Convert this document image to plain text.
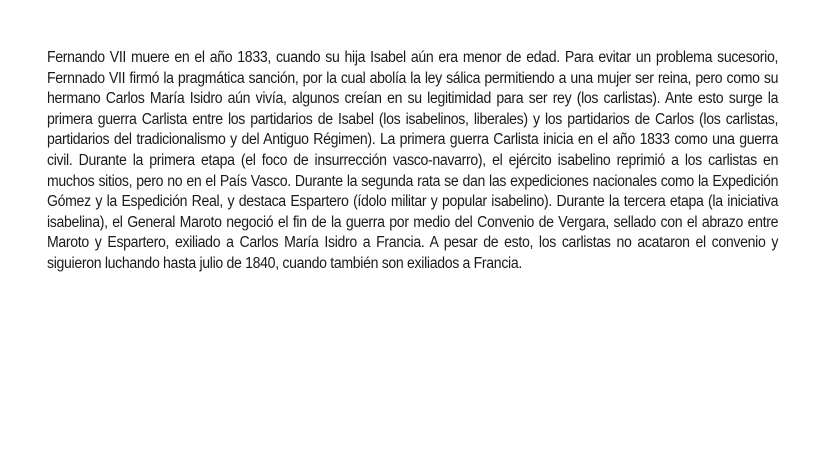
Fernando VII muere en el año 1833, cuando su hija Isabel aún era menor de edad. Para evitar un problema sucesorio, Fernnado VII firmó la pragmática sanción, por la cual abolía la ley sálica permitiendo a una mujer ser reina, pero como su hermano Carlos María Isidro aún vivía, algunos creían en su legitimidad para ser rey (los carlistas). Ante esto surge la primera guerra Carlista entre los partidarios de Isabel (los isabelinos, liberales) y los partidarios de Carlos (los carlistas, partidarios del tradicionalismo y del Antiguo Régimen). La primera guerra Carlista inicia en el año 1833 como una guerra civil. Durante la primera etapa (el foco de insurrección vasco-navarro), el ejército isabelino reprimió a los carlistas en muchos sitios, pero no en el País Vasco. Durante la segunda rata se dan las expediciones nacionales como la Expedición Gómez y la Espedición Real, y destaca Espartero (ídolo militar y popular isabelino). Durante la tercera etapa (la iniciativa isabelina), el General Maroto negoció el fin de la guerra por medio del Convenio de Vergara, sellado con el abrazo entre Maroto y Espartero, exiliado a Carlos María Isidro a Francia. A pesar de esto, los carlistas no acataron el convenio y siguieron luchando hasta julio de 1840, cuando también son exiliados a Francia.
